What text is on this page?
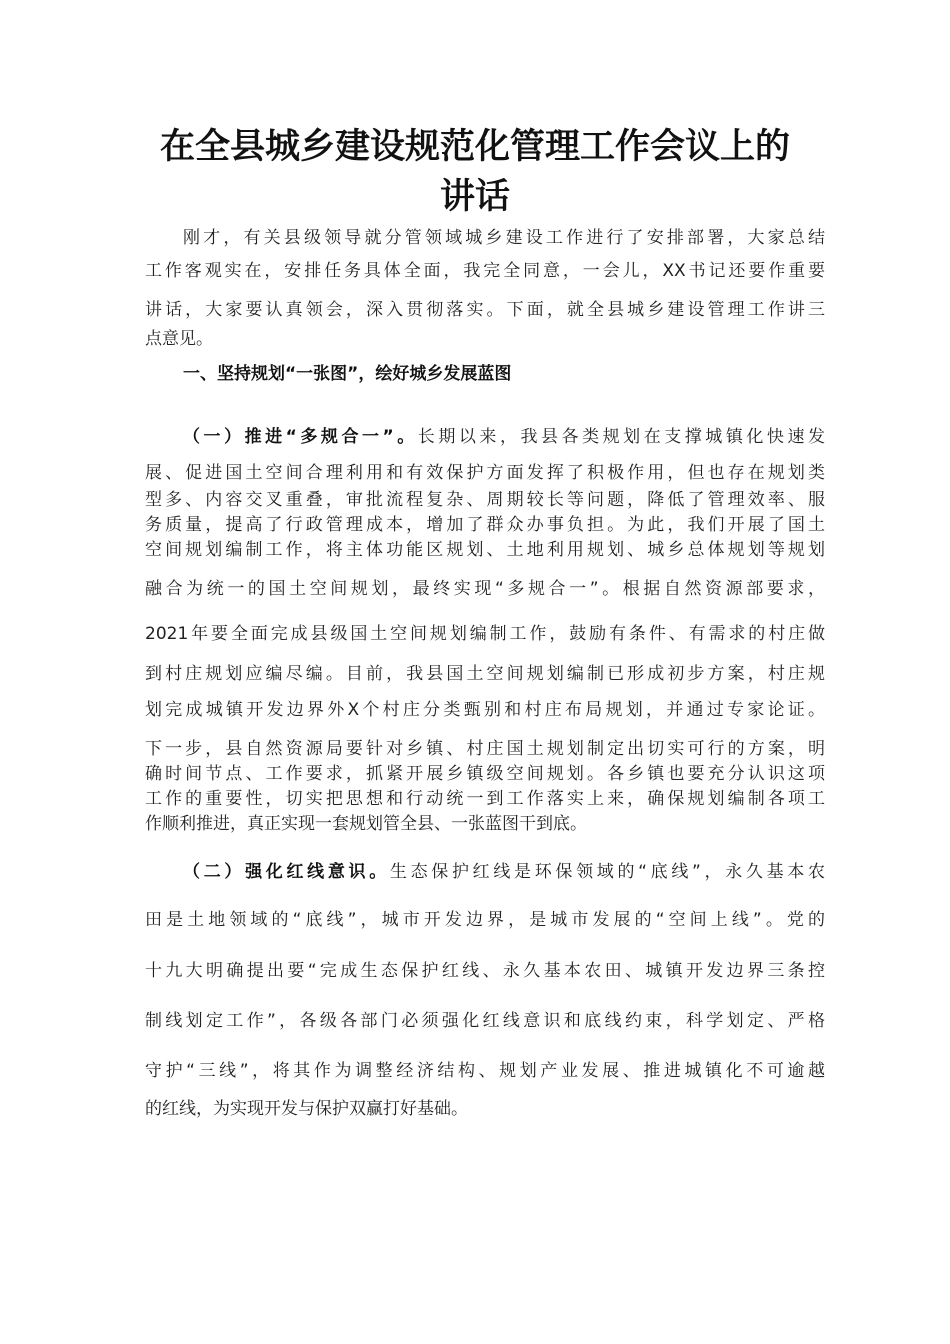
在全县城乡建设规范化管理工作会议上的
讲话
刚才，有关县级领导就分管领域城乡建设工作进行了安排部署，大家总结
工作客观实在，安排任务具体全面，我完全同意，一会儿，XX书记还要作重要
讲话，大家要认真领会，深入贯彻落实。下面，就全县城乡建设管理工作讲三
点意见。
一、坚持规划“一张图”，绘好城乡发展蓝图
（一）推进“多规合一”。长期以来，我县各类规划在支撑城镇化快速发
展、促进国土空间合理利用和有效保护方面发挥了积极作用，但也存在规划类
型多、内容交叉重叠，审批流程复杂、周期较长等问题，降低了管理效率、服
务质量，提高了行政管理成本，增加了群众办事负担。为此，我们开展了国土
空间规划编制工作，将主体功能区规划、土地利用规划、城乡总体规划等规划
融合为统一的国土空间规划，最终实现“多规合一”。根据自然资源部要求，
2021年要全面完成县级国土空间规划编制工作，鼓励有条件、有需求的村庄做
到村庄规划应编尽编。目前，我县国土空间规划编制已形成初步方案，村庄规
划完成城镇开发边界外X个村庄分类甄别和村庄布局规划，并通过专家论证。
下一步，县自然资源局要针对乡镇、村庄国土规划制定出切实可行的方案，明
确时间节点、工作要求，抓紧开展乡镇级空间规划。各乡镇也要充分认识这项
工作的重要性，切实把思想和行动统一到工作落实上来，确保规划编制各项工
作顺利推进，真正实现一套规划管全县、一张蓝图干到底。
（二）强化红线意识。生态保护红线是环保领域的“底线”，永久基本农
田是土地领域的“底线”，城市开发边界，是城市发展的“空间上线”。党的
十九大明确提出要“完成生态保护红线、永久基本农田、城镇开发边界三条控
制线划定工作”，各级各部门必须强化红线意识和底线约束，科学划定、严格
守护“三线”，将其作为调整经济结构、规划产业发展、推进城镇化不可逾越
的红线，为实现开发与保护双赢打好基础。
